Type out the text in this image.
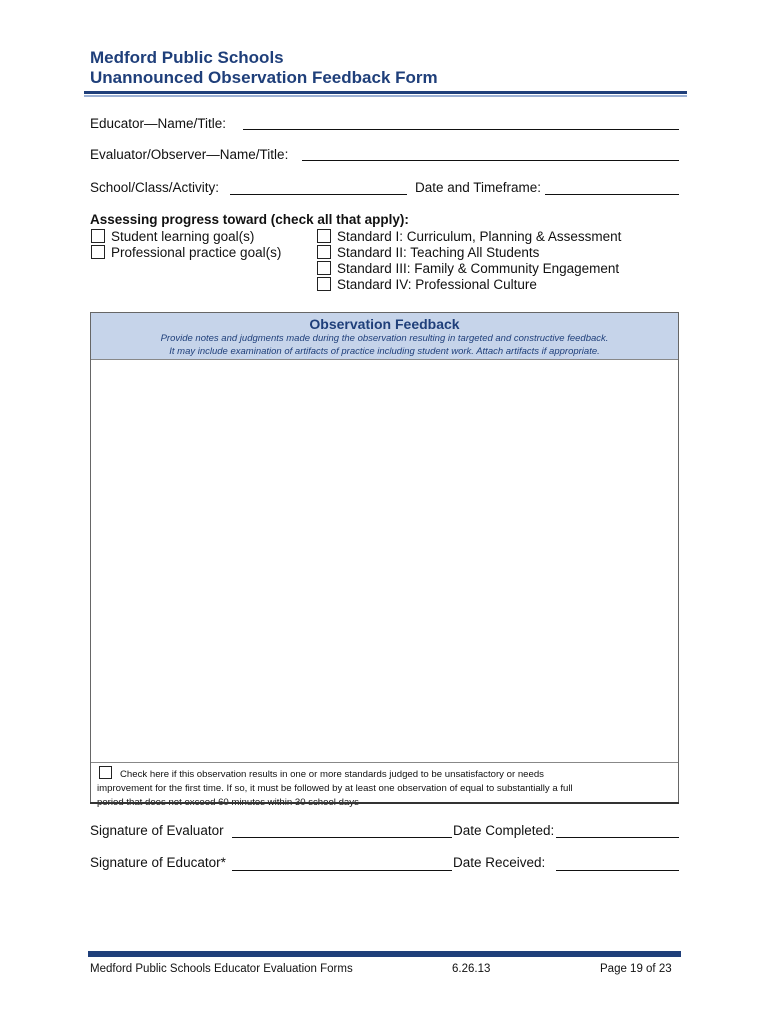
Medford Public Schools
Unannounced Observation Feedback Form
Educator—Name/Title:
Evaluator/Observer—Name/Title:
School/Class/Activity:	Date and Timeframe:
Assessing progress toward (check all that apply):
Student learning goal(s)
Professional practice goal(s)
Standard I: Curriculum, Planning & Assessment
Standard II: Teaching All Students
Standard III: Family & Community Engagement
Standard IV: Professional Culture
Observation Feedback
Provide notes and judgments made during the observation resulting in targeted and constructive feedback.
It may include examination of artifacts of practice including student work. Attach artifacts if appropriate.
Check here if this observation results in one or more standards judged to be unsatisfactory or needs
improvement for the first time. If so, it must be followed by at least one observation of equal to substantially a full
Signature of Evaluator	Date Completed:
Signature of Educator*	Date Received:
Medford Public Schools Educator Evaluation Forms	6.26.13	Page 19 of 23
